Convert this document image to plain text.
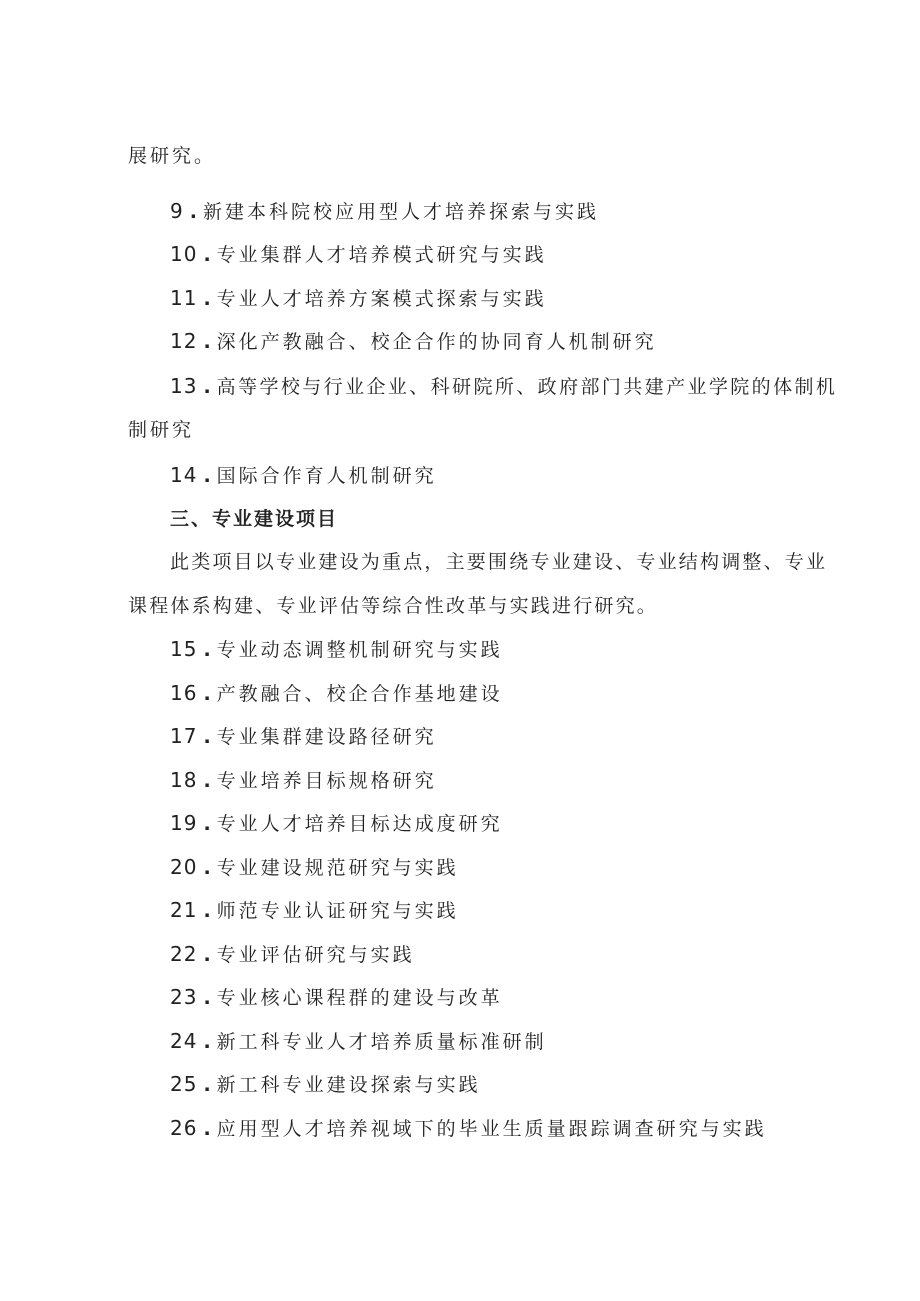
展研究。
9 . 新建本科院校应用型人才培养探索与实践
10 . 专业集群人才培养模式研究与实践
11 . 专业人才培养方案模式探索与实践
12 . 深化产教融合、校企合作的协同育人机制研究
13 . 高等学校与行业企业、科研院所、政府部门共建产业学院的体制机
制研究
14 . 国际合作育人机制研究
三、专业建设项目
此类项目以专业建设为重点，主要围绕专业建设、专业结构调整、专业
课程体系构建、专业评估等综合性改革与实践进行研究。
15 . 专业动态调整机制研究与实践
16 . 产教融合、校企合作基地建设
17 . 专业集群建设路径研究
18 . 专业培养目标规格研究
19 . 专业人才培养目标达成度研究
20 . 专业建设规范研究与实践
21 . 师范专业认证研究与实践
22 . 专业评估研究与实践
23 . 专业核心课程群的建设与改革
24 . 新工科专业人才培养质量标准研制
25 . 新工科专业建设探索与实践
26 . 应用型人才培养视域下的毕业生质量跟踪调查研究与实践
